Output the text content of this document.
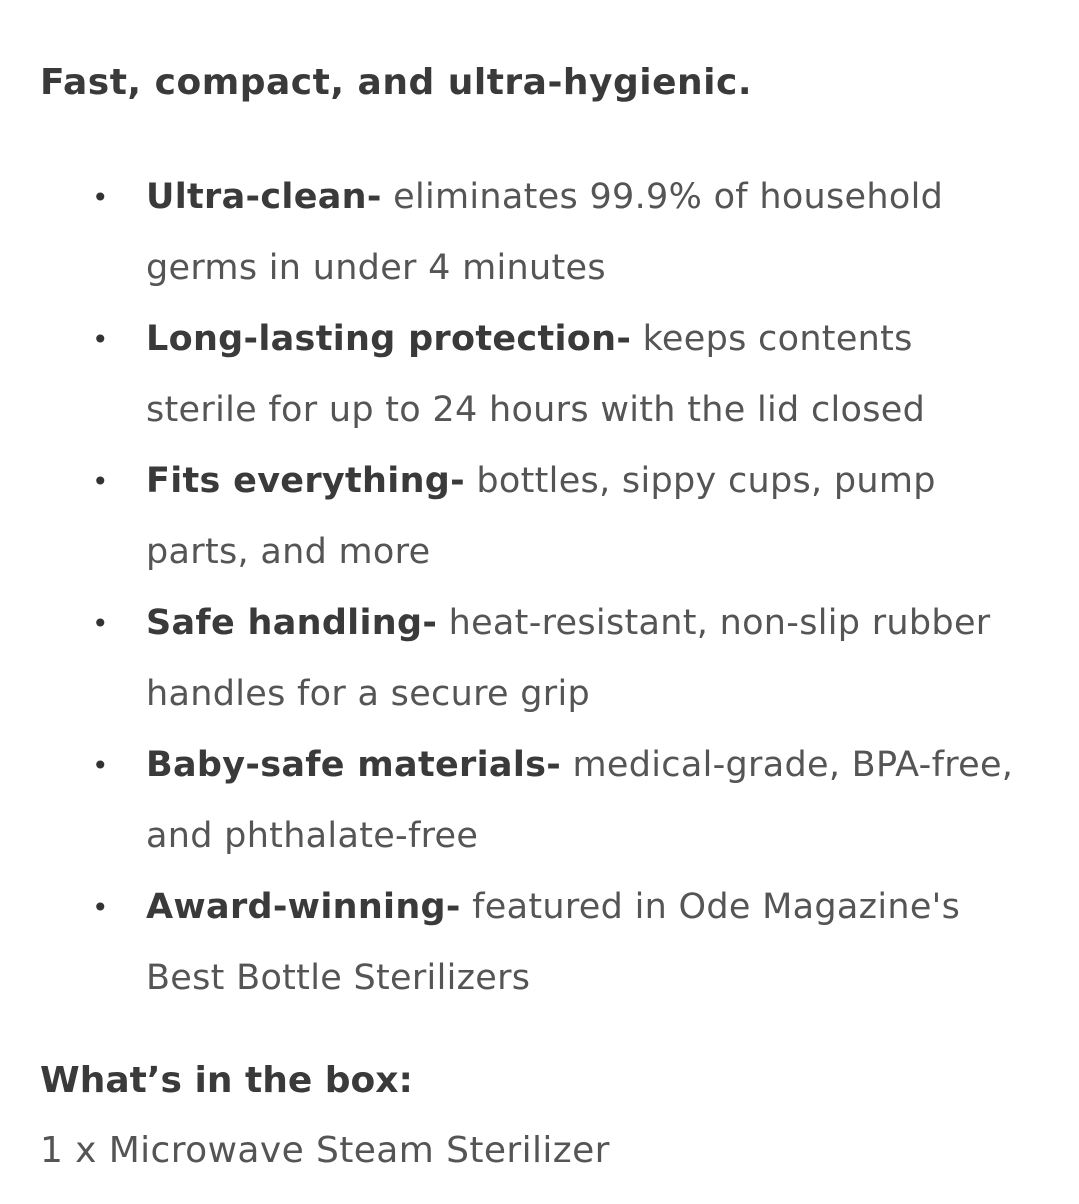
Fast, compact, and ultra-hygienic.

• Ultra-clean- eliminates 99.9% of household germs in under 4 minutes
• Long-lasting protection- keeps contents sterile for up to 24 hours with the lid closed
• Fits everything- bottles, sippy cups, pump parts, and more
• Safe handling- heat-resistant, non-slip rubber handles for a secure grip
• Baby-safe materials- medical-grade, BPA-free, and phthalate-free
• Award-winning- featured in Ode Magazine's Best Bottle Sterilizers

What’s in the box:

1 x Microwave Steam Sterilizer
